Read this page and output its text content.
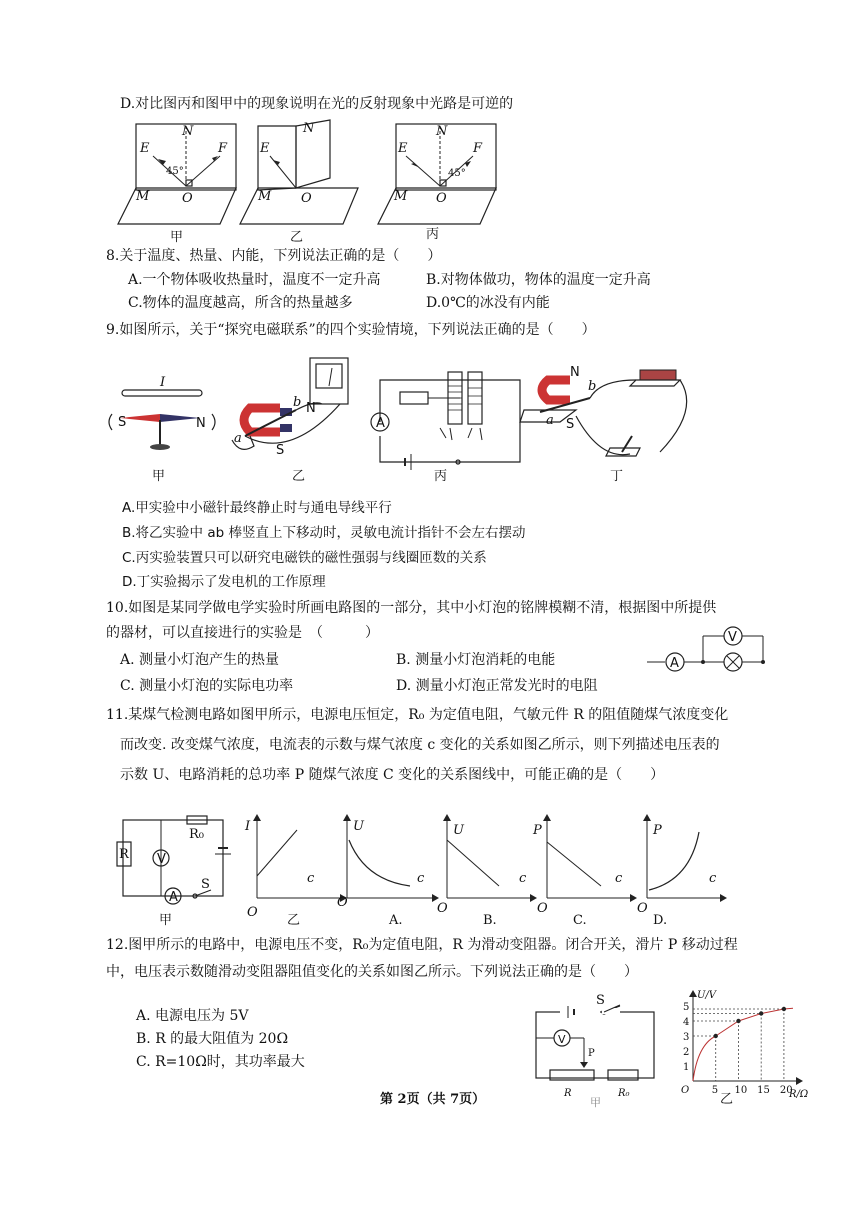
D.对比图丙和图甲中的现象说明在光的反射现象中光路是可逆的
N
E	F
O
M
45°
N
E
O
M
N
E	F
O
M
45°
甲	乙	丙
8.关于温度、热量、内能，下列说法正确的是（　　）
A.一个物体吸收热量时，温度不一定升高	B.对物体做功，物体的温度一定升高
C.物体的温度越高，所含的热量越多	D.0℃的冰没有内能
9.如图所示，关于“探究电磁联系”的四个实验情境，下列说法正确的是（　　）
I
S	N
甲
b
a
N
S
乙
A
丙
N
S
b
a
丁
A.甲实验中小磁针最终静止时与通电导线平行
B.将乙实验中 ab 棒竖直上下移动时，灵敏电流计指针不会左右摆动
C.丙实验装置只可以研究电磁铁的磁性强弱与线圈匝数的关系
D.丁实验揭示了发电机的工作原理
10.如图是某同学做电学实验时所画电路图的一部分，其中小灯泡的铭牌模糊不清，根据图中所提供
的器材，可以直接进行的实验是　（　　　）
A. 测量小灯泡产生的热量	B. 测量小灯泡消耗的电能
C. 测量小灯泡的实际电功率	D. 测量小灯泡正常发光时的电阻
A
V
11.某煤气检测电路如图甲所示，电源电压恒定，R₀ 为定值电阻，气敏元件 R 的阻值随煤气浓度变化
而改变. 改变煤气浓度，电流表的示数与煤气浓度 c 变化的关系如图乙所示，则下列描述电压表的
示数 U、电路消耗的总功率 P 随煤气浓度 C 变化的关系图线中，可能正确的是（　　）
R V
R₀
A
S
I
c
O
乙
U
c
O
A.
U
c
O
B.
P
c
O
C.
P
c
O
D.
甲
12.图甲所示的电路中，电源电压不变，R₀为定值电阻，R 为滑动变阻器。闭合开关，滑片 P 移动过程
中，电压表示数随滑动变阻器阻值变化的关系如图乙所示。下列说法正确的是（　　）
A. 电源电压为 5V
B. R 的最大阻值为 20Ω
C. R=10Ω时，其功率最大
S
V
P
R	R₀
甲
U/V
R/Ω
O 5 10 15 20
1
2
3
4
5
乙
第 2页（共 7页）
